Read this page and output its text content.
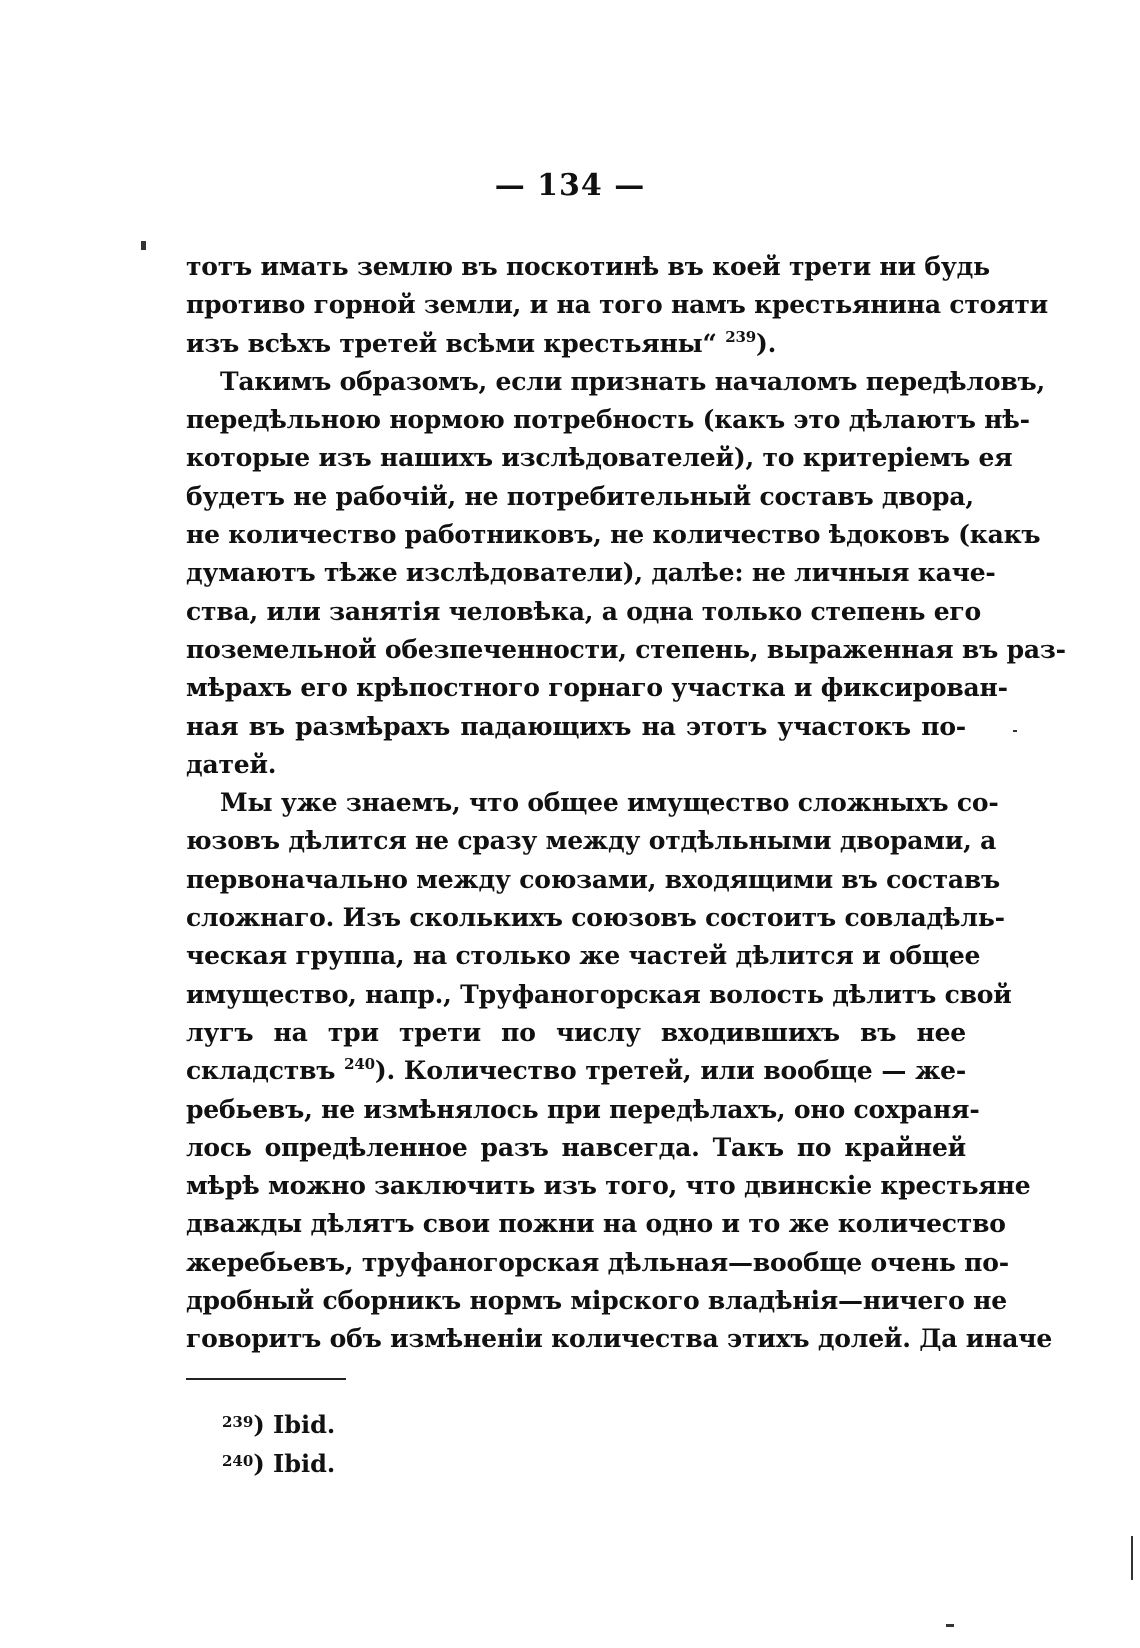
— 134 —
тотъ имать землю въ поскотинѣ въ коей трети ни будь
противо горной земли, и на того намъ крестьянина стояти
изъ всѣхъ третей всѣми крестьяны“ $^{239}$).
Такимъ образомъ, если признать началомъ передѣловъ,
передѣльною нормою потребность (какъ это дѣлаютъ нѣ-
которые изъ нашихъ изслѣдователей), то критеріемъ ея
будетъ не рабочій, не потребительный составъ двора,
не количество работниковъ, не количество ѣдоковъ (какъ
думаютъ тѣже изслѣдователи), далѣе: не личныя каче-
ства, или занятія человѣка, а одна только степень его
поземельной обезпеченности, степень, выраженная въ раз-
мѣрахъ его крѣпостного горнаго участка и фиксирован-
ная въ размѣрахъ падающихъ на этотъ участокъ по-
датей.
Мы уже знаемъ, что общее имущество сложныхъ со-
юзовъ дѣлится не сразу между отдѣльными дворами, а
первоначально между союзами, входящими въ составъ
сложнаго. Изъ сколькихъ союзовъ состоитъ совладѣль-
ческая группа, на столько же частей дѣлится и общее
имущество, напр., Труфаногорская волость дѣлитъ свой
лугъ на три трети по числу входившихъ въ нее
складствъ $^{240}$). Количество третей, или вообще — же-
ребьевъ, не измѣнялось при передѣлахъ, оно сохраня-
лось опредѣленное разъ навсегда. Такъ по крайней
мѣрѣ можно заключить изъ того, что двинскіе крестьяне
дважды дѣлятъ свои пожни на одно и то же количество
жеребьевъ, труфаногорская дѣльная—вообще очень по-
дробный сборникъ нормъ мірского владѣнія—ничего не
говоритъ объ измѣненіи количества этихъ долей. Да иначе
$^{239}$) Ibid.
$^{240}$) Ibid.
